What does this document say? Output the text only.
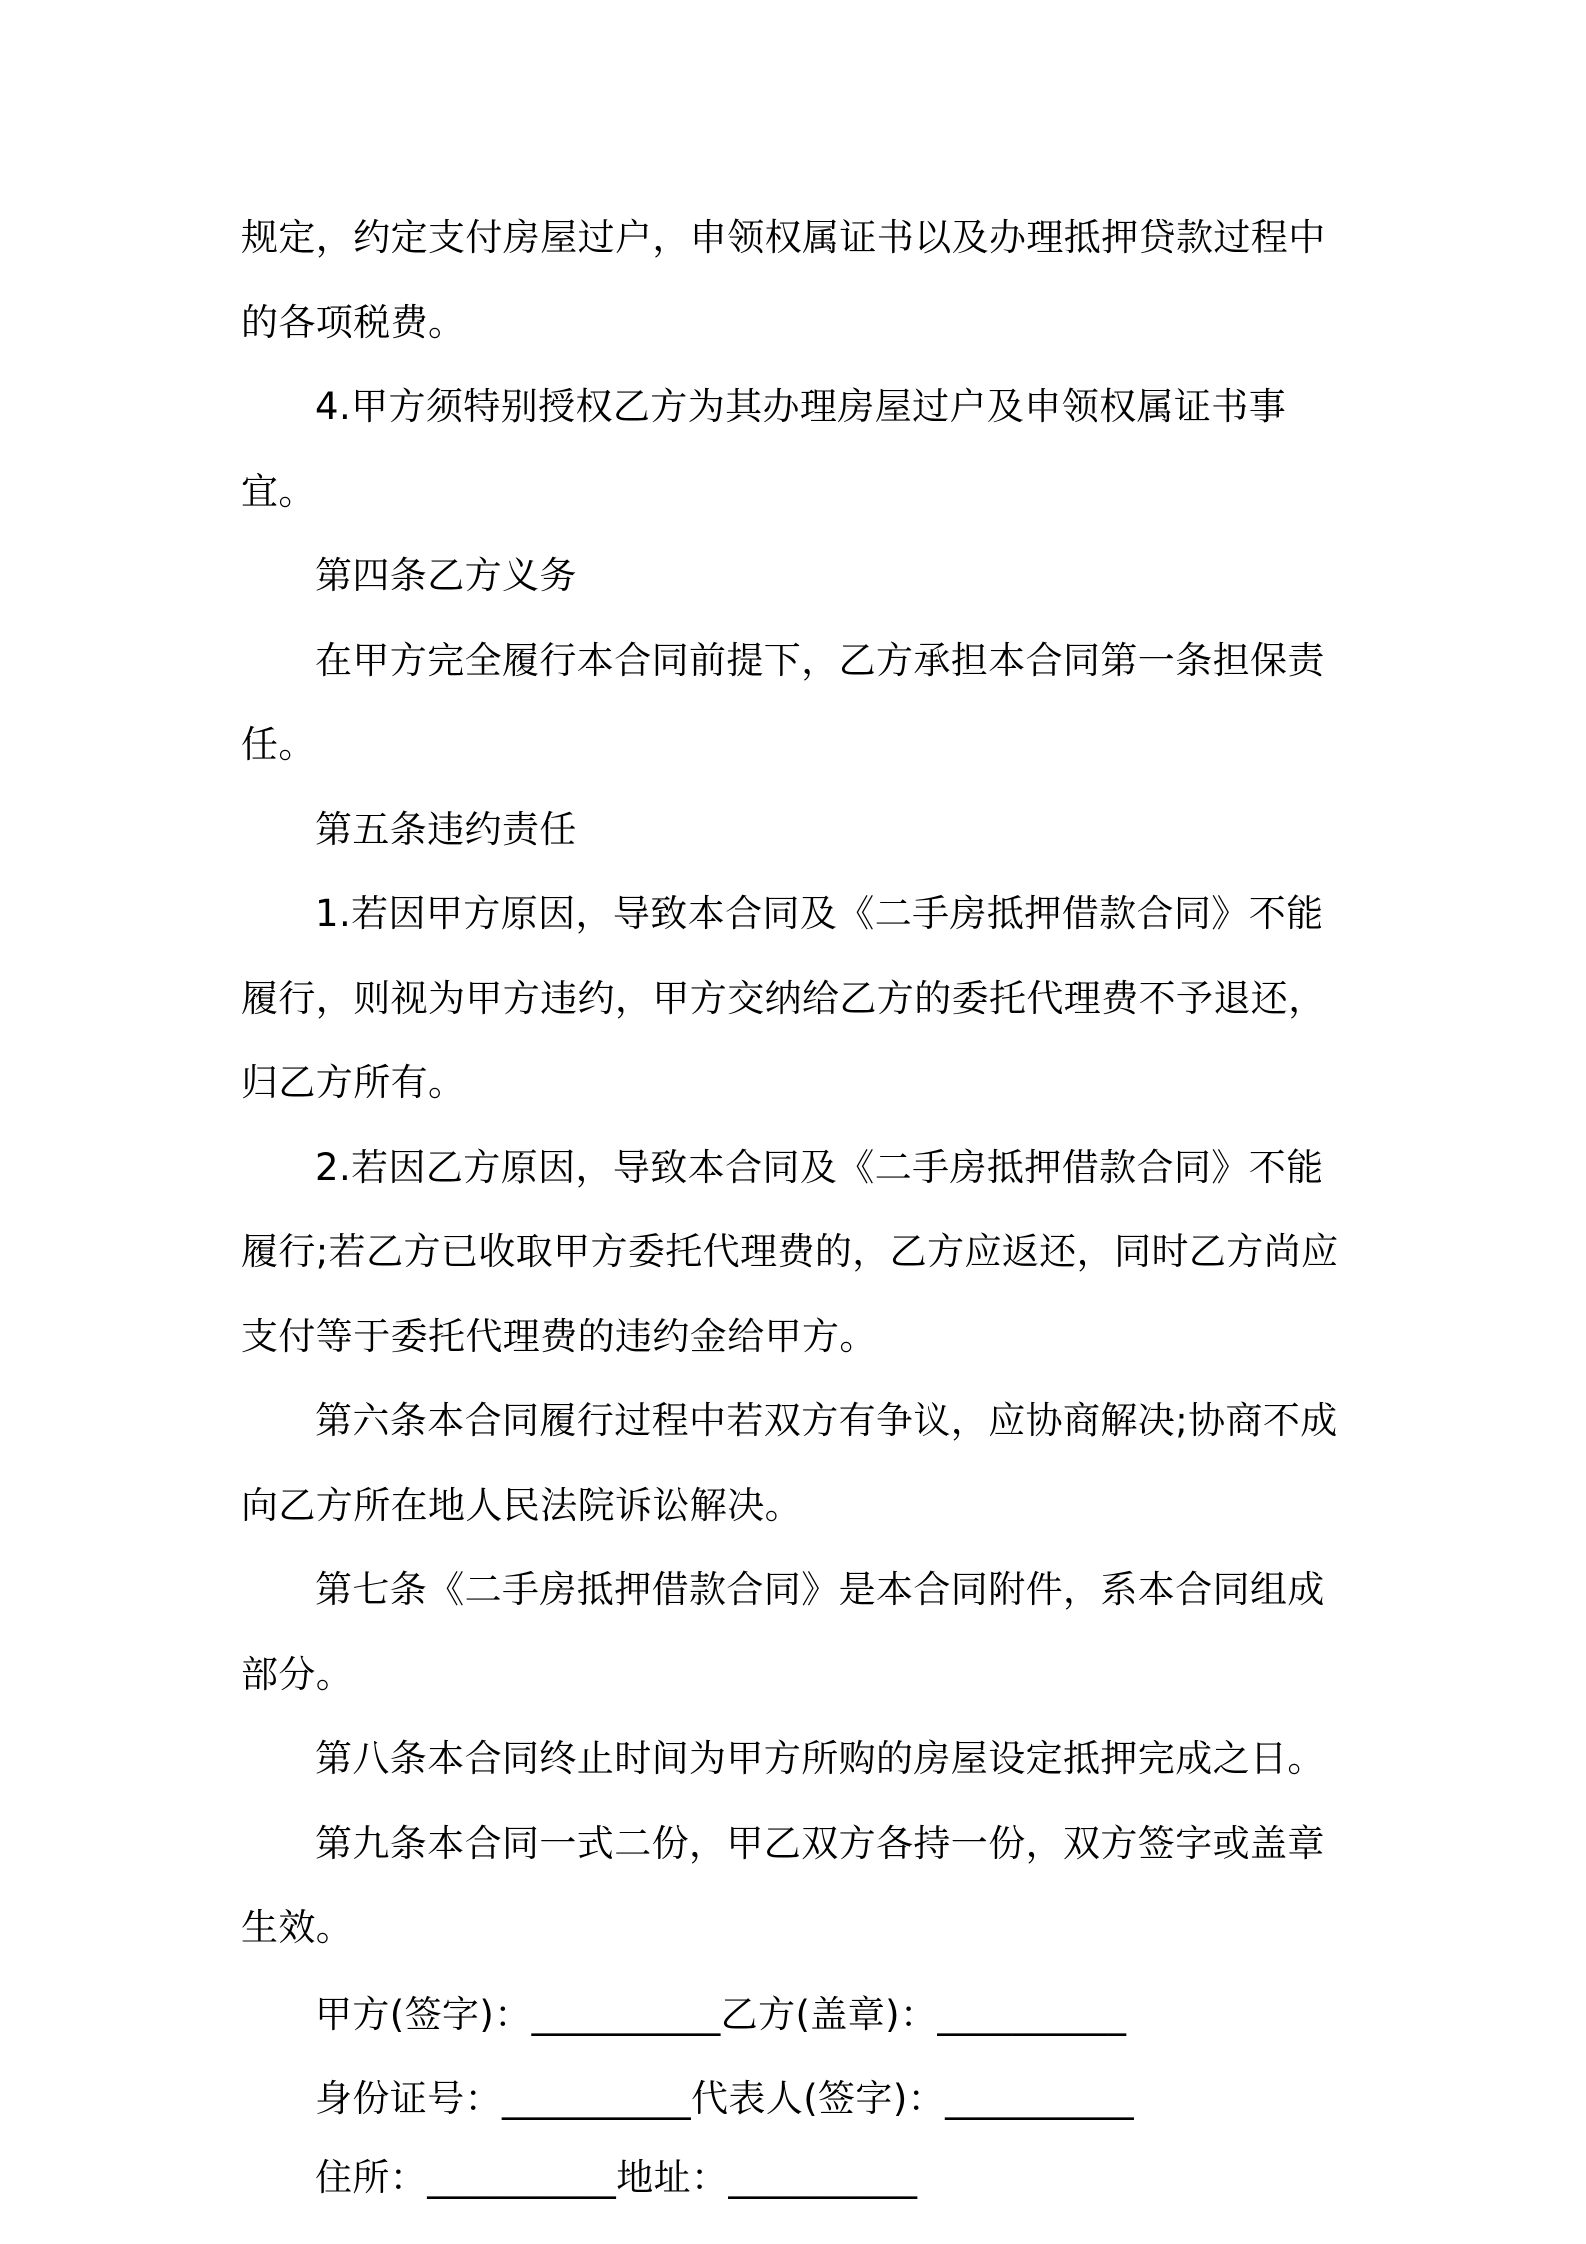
规定，约定支付房屋过户，申领权属证书以及办理抵押贷款过程中的各项税费。

4.甲方须特别授权乙方为其办理房屋过户及申领权属证书事宜。

第四条乙方义务

在甲方完全履行本合同前提下，乙方承担本合同第一条担保责任。

第五条违约责任

1.若因甲方原因，导致本合同及《二手房抵押借款合同》不能履行，则视为甲方违约，甲方交纳给乙方的委托代理费不予退还，归乙方所有。

2.若因乙方原因，导致本合同及《二手房抵押借款合同》不能履行;若乙方已收取甲方委托代理费的，乙方应返还，同时乙方尚应支付等于委托代理费的违约金给甲方。

第六条本合同履行过程中若双方有争议，应协商解决;协商不成向乙方所在地人民法院诉讼解决。

第七条《二手房抵押借款合同》是本合同附件，系本合同组成部分。

第八条本合同终止时间为甲方所购的房屋设定抵押完成之日。

第九条本合同一式二份，甲乙双方各持一份，双方签字或盖章生效。

甲方(签字)：__________乙方(盖章)：__________

身份证号：__________代表人(签字)：__________

住所：__________地址：__________
